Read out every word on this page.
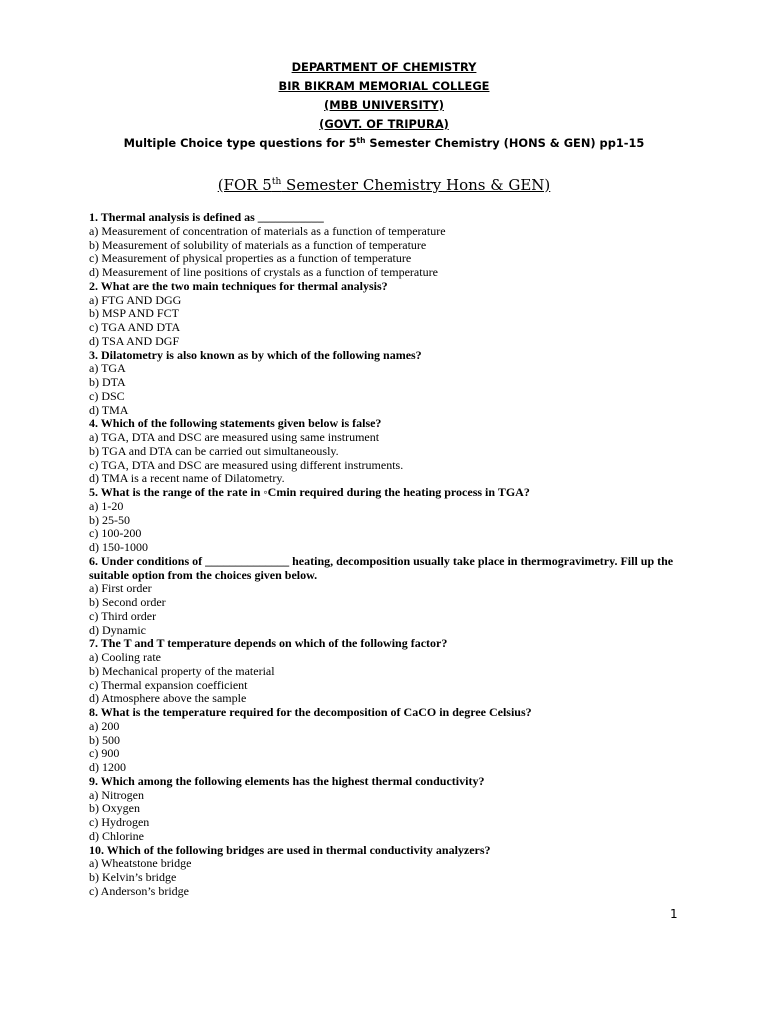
DEPARTMENT OF CHEMISTRY
BIR BIKRAM MEMORIAL COLLEGE
(MBB UNIVERSITY)
(GOVT. OF TRIPURA)
Multiple Choice type questions for 5th Semester Chemistry (HONS & GEN) pp1-15
(FOR 5th Semester Chemistry Hons & GEN)
1. Thermal analysis is defined as ___________
a) Measurement of concentration of materials as a function of temperature
b) Measurement of solubility of materials as a function of temperature
c) Measurement of physical properties as a function of temperature
d) Measurement of line positions of crystals as a function of temperature
2. What are the two main techniques for thermal analysis?
a) FTG AND DGG
b) MSP AND FCT
c) TGA AND DTA
d) TSA AND DGF
3. Dilatometry is also known as by which of the following names?
a) TGA
b) DTA
c) DSC
d) TMA
4. Which of the following statements given below is false?
a) TGA, DTA and DSC are measured using same instrument
b) TGA and DTA can be carried out simultaneously.
c) TGA, DTA and DSC are measured using different instruments.
d) TMA is a recent name of Dilatometry.
5. What is the range of the rate in ◦Cmin required during the heating process in TGA?
a) 1-20
b) 25-50
c) 100-200
d) 150-1000
6. Under conditions of ______________ heating, decomposition usually take place in thermogravimetry. Fill up the suitable option from the choices given below.
a) First order
b) Second order
c) Third order
d) Dynamic
7. The T and T temperature depends on which of the following factor?
a) Cooling rate
b) Mechanical property of the material
c) Thermal expansion coefficient
d) Atmosphere above the sample
8. What is the temperature required for the decomposition of CaCO in degree Celsius?
a) 200
b) 500
c) 900
d) 1200
9. Which among the following elements has the highest thermal conductivity?
a) Nitrogen
b) Oxygen
c) Hydrogen
d) Chlorine
10. Which of the following bridges are used in thermal conductivity analyzers?
a) Wheatstone bridge
b) Kelvin’s bridge
c) Anderson’s bridge
1
